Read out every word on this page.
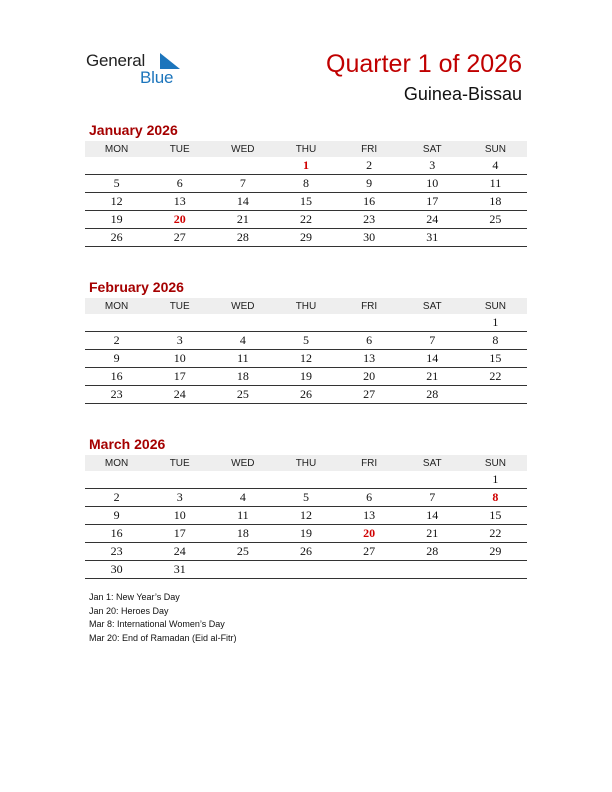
General
Blue	Quarter 1 of 2026
Guinea-Bissau
January 2026
MON	TUE	WED	THU	FRI	SAT	SUN
			1	2	3	4
5	6	7	8	9	10	11
12	13	14	15	16	17	18
19	20	21	22	23	24	25
26	27	28	29	30	31	
February 2026
MON	TUE	WED	THU	FRI	SAT	SUN
						1
2	3	4	5	6	7	8
9	10	11	12	13	14	15
16	17	18	19	20	21	22
23	24	25	26	27	28	
March 2026
MON	TUE	WED	THU	FRI	SAT	SUN
						1
2	3	4	5	6	7	8
9	10	11	12	13	14	15
16	17	18	19	20	21	22
23	24	25	26	27	28	29
30	31					
Jan 1: New Year’s Day
Jan 20: Heroes Day
Mar 8: International Women’s Day
Mar 20: End of Ramadan (Eid al-Fitr)
